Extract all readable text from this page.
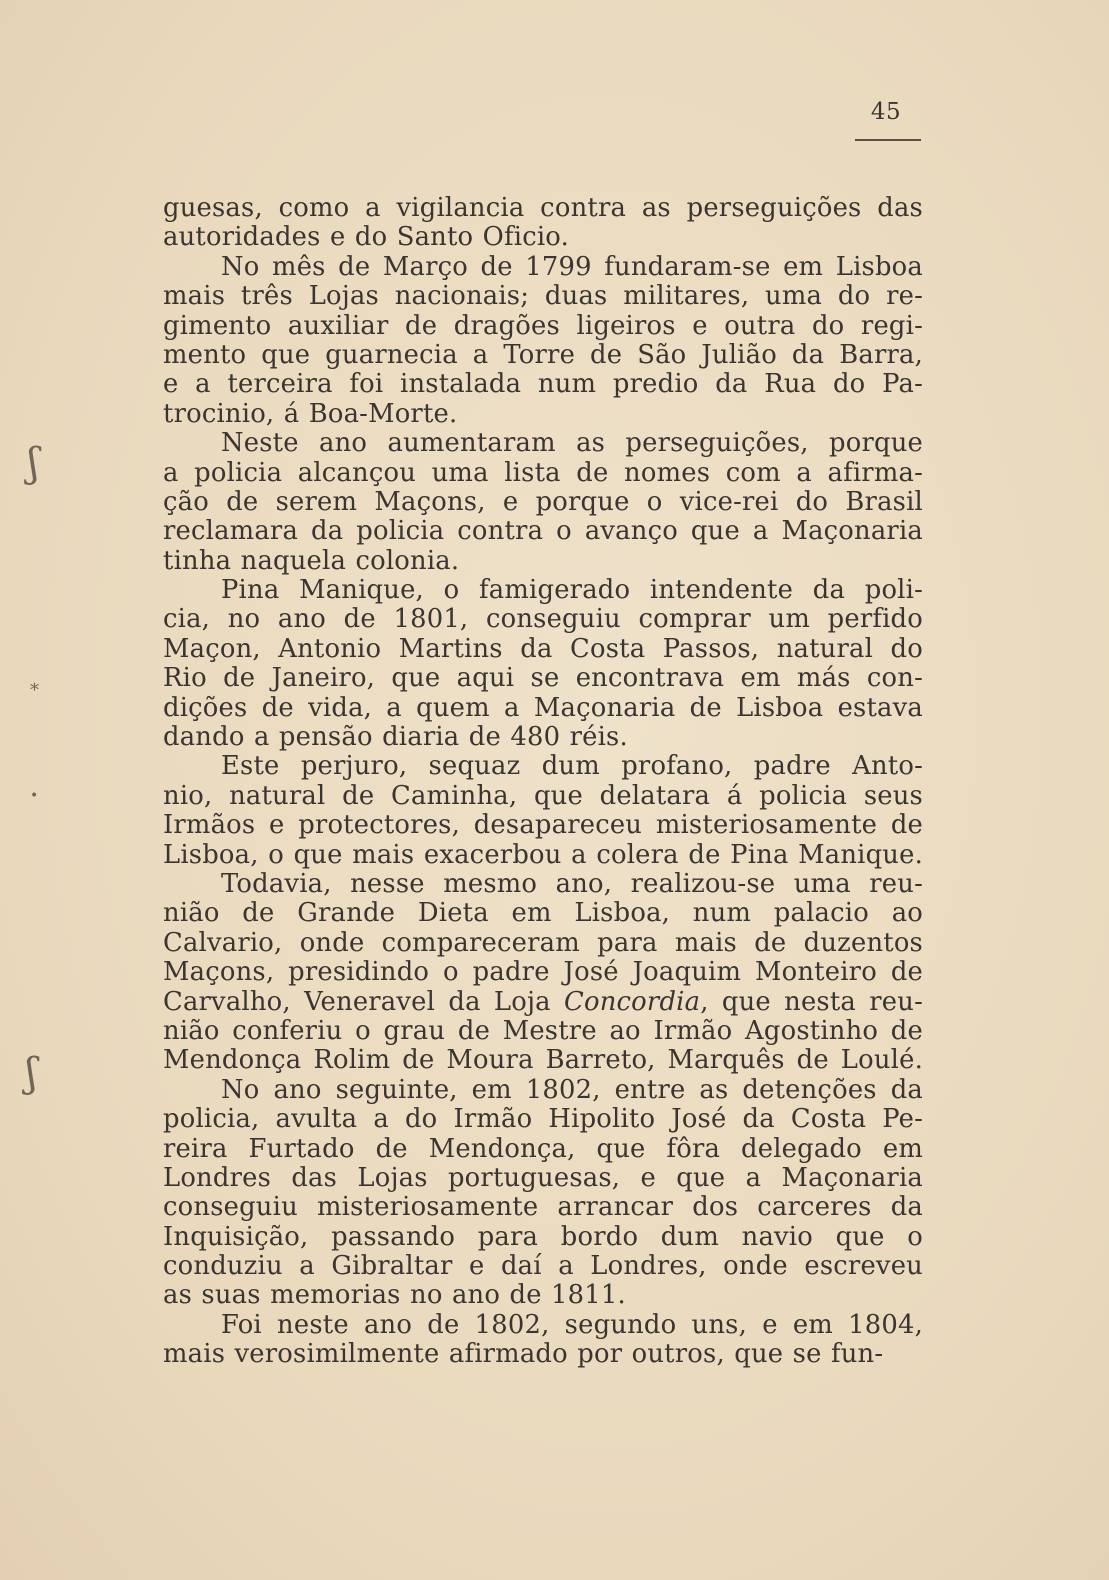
45
ʃ
*
•
ʃ
guesas, como a vigilancia contra as perseguições das
autoridades e do Santo Oficio.
No mês de Março de 1799 fundaram-se em Lisboa
mais três Lojas nacionais; duas militares, uma do re-
gimento auxiliar de dragões ligeiros e outra do regi-
mento que guarnecia a Torre de São Julião da Barra,
e a terceira foi instalada num predio da Rua do Pa-
trocinio, á Boa-Morte.
Neste ano aumentaram as perseguições, porque
a policia alcançou uma lista de nomes com a afirma-
ção de serem Maçons, e porque o vice-rei do Brasil
reclamara da policia contra o avanço que a Maçonaria
tinha naquela colonia.
Pina Manique, o famigerado intendente da poli-
cia, no ano de 1801, conseguiu comprar um perfido
Maçon, Antonio Martins da Costa Passos, natural do
Rio de Janeiro, que aqui se encontrava em más con-
dições de vida, a quem a Maçonaria de Lisboa estava
dando a pensão diaria de 480 réis.
Este perjuro, sequaz dum profano, padre Anto-
nio, natural de Caminha, que delatara á policia seus
Irmãos e protectores, desapareceu misteriosamente de
Lisboa, o que mais exacerbou a colera de Pina Manique.
Todavia, nesse mesmo ano, realizou-se uma reu-
nião de Grande Dieta em Lisboa, num palacio ao
Calvario, onde compareceram para mais de duzentos
Maçons, presidindo o padre José Joaquim Monteiro de
Carvalho, Veneravel da Loja Concordia, que nesta reu-
nião conferiu o grau de Mestre ao Irmão Agostinho de
Mendonça Rolim de Moura Barreto, Marquês de Loulé.
No ano seguinte, em 1802, entre as detenções da
policia, avulta a do Irmão Hipolito José da Costa Pe-
reira Furtado de Mendonça, que fôra delegado em
Londres das Lojas portuguesas, e que a Maçonaria
conseguiu misteriosamente arrancar dos carceres da
Inquisição, passando para bordo dum navio que o
conduziu a Gibraltar e daí a Londres, onde escreveu
as suas memorias no ano de 1811.
Foi neste ano de 1802, segundo uns, e em 1804,
mais verosimilmente afirmado por outros, que se fun-
